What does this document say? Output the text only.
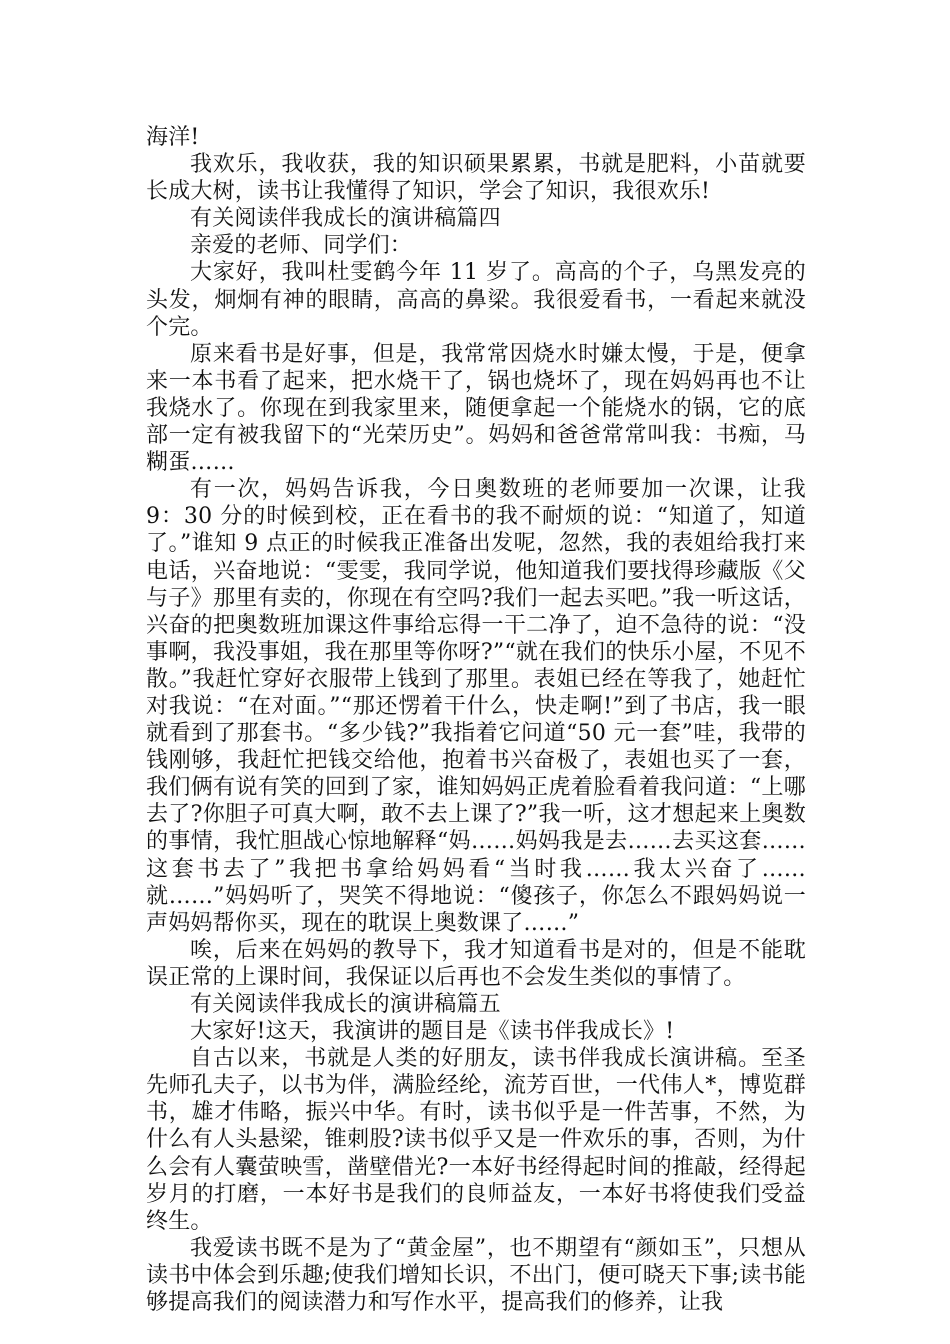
海洋!

我欢乐，我收获，我的知识硕果累累，书就是肥料，小苗就要长成大树，读书让我懂得了知识，学会了知识，我很欢乐!

有关阅读伴我成长的演讲稿篇四

亲爱的老师、同学们：

大家好，我叫杜雯鹤今年 11 岁了。高高的个子，乌黑发亮的头发，炯炯有神的眼睛，高高的鼻梁。我很爱看书，一看起来就没个完。

原来看书是好事，但是，我常常因烧水时嫌太慢，于是，便拿来一本书看了起来，把水烧干了，锅也烧坏了，现在妈妈再也不让我烧水了。你现在到我家里来，随便拿起一个能烧水的锅，它的底部一定有被我留下的“光荣历史”。妈妈和爸爸常常叫我：书痴，马糊蛋……

有一次，妈妈告诉我，今日奥数班的老师要加一次课，让我 9：30 分的时候到校，正在看书的我不耐烦的说：“知道了，知道了。”谁知 9 点正的时候我正准备出发呢，忽然，我的表姐给我打来电话，兴奋地说：“雯雯，我同学说，他知道我们要找得珍藏版《父与子》那里有卖的，你现在有空吗?我们一起去买吧。”我一听这话，兴奋的把奥数班加课这件事给忘得一干二净了，迫不急待的说：“没事啊，我没事姐，我在那里等你呀?”“就在我们的快乐小屋，不见不散。”我赶忙穿好衣服带上钱到了那里。表姐已经在等我了，她赶忙对我说：“在对面。”“那还愣着干什么，快走啊!”到了书店，我一眼就看到了那套书。“多少钱?”我指着它问道“50 元一套”哇，我带的钱刚够，我赶忙把钱交给他，抱着书兴奋极了，表姐也买了一套，我们俩有说有笑的回到了家，谁知妈妈正虎着脸看着我问道：“上哪去了?你胆子可真大啊，敢不去上课了?”我一听，这才想起来上奥数的事情，我忙胆战心惊地解释“妈……妈妈我是去……去买这套……这套书去了”我把书拿给妈妈看“当时我……我太兴奋了……就……”妈妈听了，哭笑不得地说：“傻孩子，你怎么不跟妈妈说一声妈妈帮你买，现在的耽误上奥数课了……”

唉，后来在妈妈的教导下，我才知道看书是对的，但是不能耽误正常的上课时间，我保证以后再也不会发生类似的事情了。

有关阅读伴我成长的演讲稿篇五

大家好!这天，我演讲的题目是《读书伴我成长》!

自古以来，书就是人类的好朋友，读书伴我成长演讲稿。至圣先师孔夫子，以书为伴，满脸经纶，流芳百世，一代伟人*，博览群书，雄才伟略，振兴中华。有时，读书似乎是一件苦事，不然，为什么有人头悬梁，锥刺股?读书似乎又是一件欢乐的事，否则，为什么会有人囊萤映雪，凿壁借光?一本好书经得起时间的推敲，经得起岁月的打磨，一本好书是我们的良师益友，一本好书将使我们受益终生。

我爱读书既不是为了“黄金屋”，也不期望有“颜如玉”，只想从读书中体会到乐趣;使我们增知长识，不出门，便可晓天下事;读书能够提高我们的阅读潜力和写作水平，提高我们的修养，让我
